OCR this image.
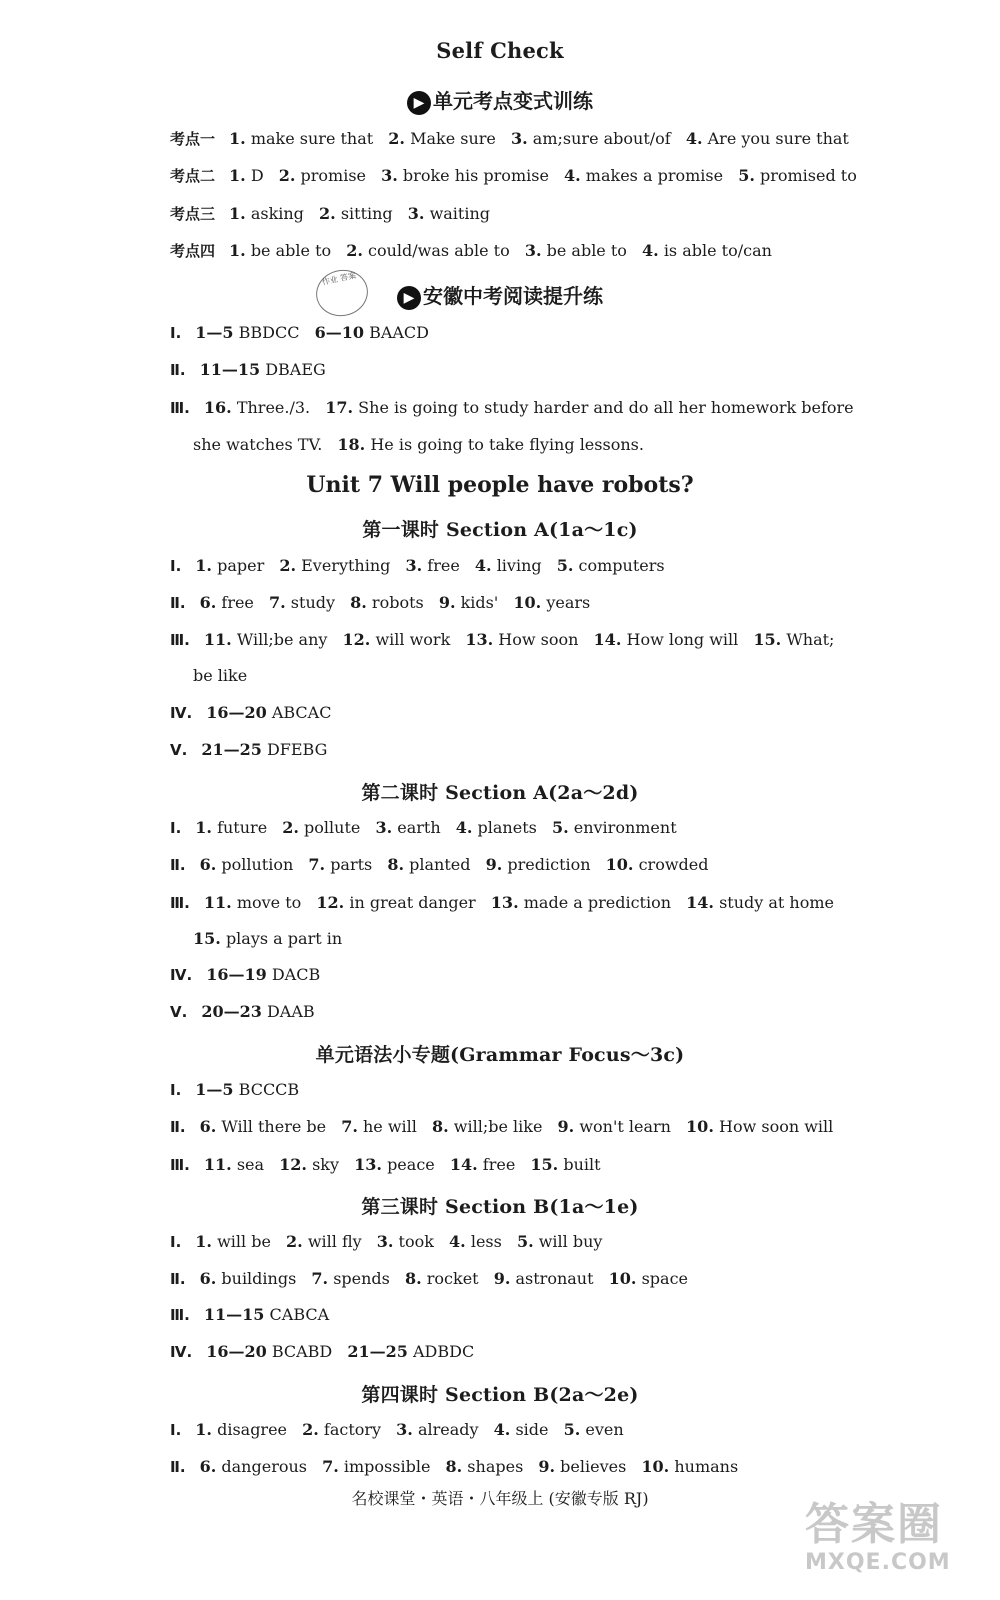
Self Check
▶ 单元考点变式训练
考点一 1. make sure that 2. Make sure 3. am;sure about/of 4. Are you sure that
考点二 1. D 2. promise 3. broke his promise 4. makes a promise 5. promised to
考点三 1. asking 2. sitting 3. waiting
考点四 1. be able to 2. could/was able to 3. be able to 4. is able to/can
作业 答案
▶ 安徽中考阅读提升练
Ⅰ. 1—5 BBDCC 6—10 BAACD
Ⅱ. 11—15 DBAEG
Ⅲ. 16. Three./3. 17. She is going to study harder and do all her homework before
she watches TV. 18. He is going to take flying lessons.
Unit 7 Will people have robots?
第一课时 Section A(1a～1c)
Ⅰ. 1. paper 2. Everything 3. free 4. living 5. computers
Ⅱ. 6. free 7. study 8. robots 9. kids' 10. years
Ⅲ. 11. Will;be any 12. will work 13. How soon 14. How long will 15. What;
be like
Ⅳ. 16—20 ABCAC
Ⅴ. 21—25 DFEBG
第二课时 Section A(2a～2d)
Ⅰ. 1. future 2. pollute 3. earth 4. planets 5. environment
Ⅱ. 6. pollution 7. parts 8. planted 9. prediction 10. crowded
Ⅲ. 11. move to 12. in great danger 13. made a prediction 14. study at home
15. plays a part in
Ⅳ. 16—19 DACB
Ⅴ. 20—23 DAAB
单元语法小专题(Grammar Focus～3c)
Ⅰ. 1—5 BCCCB
Ⅱ. 6. Will there be 7. he will 8. will;be like 9. won't learn 10. How soon will
Ⅲ. 11. sea 12. sky 13. peace 14. free 15. built
第三课时 Section B(1a～1e)
Ⅰ. 1. will be 2. will fly 3. took 4. less 5. will buy
Ⅱ. 6. buildings 7. spends 8. rocket 9. astronaut 10. space
Ⅲ. 11—15 CABCA
Ⅳ. 16—20 BCABD 21—25 ADBDC
第四课时 Section B(2a～2e)
Ⅰ. 1. disagree 2. factory 3. already 4. side 5. even
Ⅱ. 6. dangerous 7. impossible 8. shapes 9. believes 10. humans
名校课堂・英语・八年级上 (安徽专版 RJ)
答案圈
MXQE.COM
